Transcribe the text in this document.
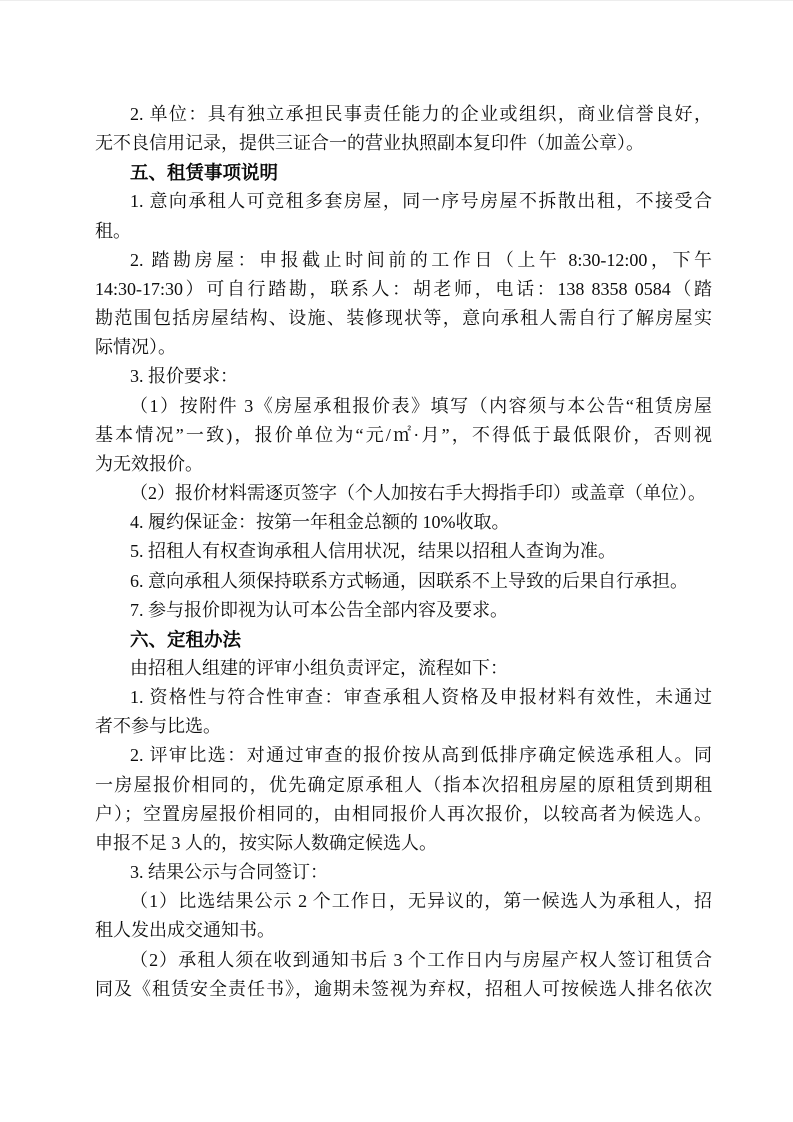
2. 单位：具有独立承担民事责任能力的企业或组织，商业信誉良好，
无不良信用记录，提供三证合一的营业执照副本复印件（加盖公章）。
五、租赁事项说明
1. 意向承租人可竞租多套房屋，同一序号房屋不拆散出租，不接受合
租。
2. 踏勘房屋：申报截止时间前的工作日（上午 8:30-12:00，下午
14:30-17:30）可自行踏勘，联系人：胡老师，电话：138 8358 0584（踏
勘范围包括房屋结构、设施、装修现状等，意向承租人需自行了解房屋实
际情况）。
3. 报价要求：
（1）按附件 3《房屋承租报价表》填写（内容须与本公告“租赁房屋
基本情况”一致)，报价单位为“元/㎡·月”，不得低于最低限价，否则视
为无效报价。
（2）报价材料需逐页签字（个人加按右手大拇指手印）或盖章（单位）。
4. 履约保证金：按第一年租金总额的 10%收取。
5. 招租人有权查询承租人信用状况，结果以招租人查询为准。
6. 意向承租人须保持联系方式畅通，因联系不上导致的后果自行承担。
7. 参与报价即视为认可本公告全部内容及要求。
六、定租办法
由招租人组建的评审小组负责评定，流程如下：
1. 资格性与符合性审查：审查承租人资格及申报材料有效性，未通过
者不参与比选。
2. 评审比选：对通过审查的报价按从高到低排序确定候选承租人。同
一房屋报价相同的，优先确定原承租人（指本次招租房屋的原租赁到期租
户）；空置房屋报价相同的，由相同报价人再次报价，以较高者为候选人。
申报不足 3 人的，按实际人数确定候选人。
3. 结果公示与合同签订：
（1）比选结果公示 2 个工作日，无异议的，第一候选人为承租人，招
租人发出成交通知书。
（2）承租人须在收到通知书后 3 个工作日内与房屋产权人签订租赁合
同及《租赁安全责任书》，逾期未签视为弃权，招租人可按候选人排名依次
